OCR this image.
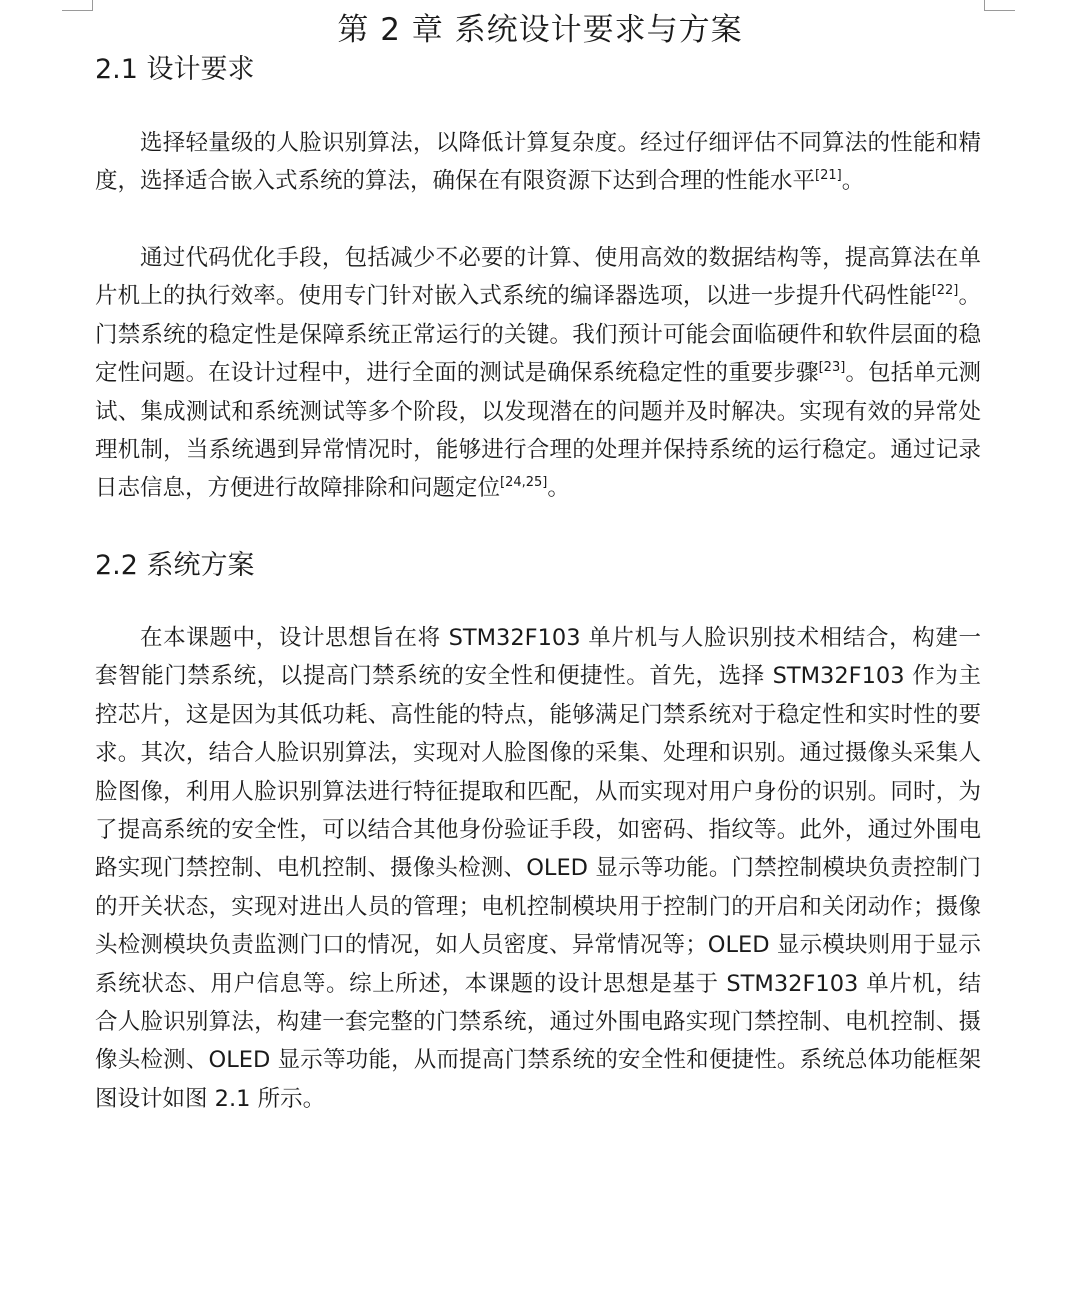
第 2 章 系统设计要求与方案
2.1 设计要求

选择轻量级的人脸识别算法，以降低计算复杂度。经过仔细评估不同算法的性能和精度，选择适合嵌入式系统的算法，确保在有限资源下达到合理的性能水平[21]。

通过代码优化手段，包括减少不必要的计算、使用高效的数据结构等，提高算法在单片机上的执行效率。使用专门针对嵌入式系统的编译器选项，以进一步提升代码性能[22]。门禁系统的稳定性是保障系统正常运行的关键。我们预计可能会面临硬件和软件层面的稳定性问题。在设计过程中，进行全面的测试是确保系统稳定性的重要步骤[23]。包括单元测试、集成测试和系统测试等多个阶段，以发现潜在的问题并及时解决。实现有效的异常处理机制，当系统遇到异常情况时，能够进行合理的处理并保持系统的运行稳定。通过记录日志信息，方便进行故障排除和问题定位[24,25]。

2.2 系统方案

在本课题中，设计思想旨在将 STM32F103 单片机与人脸识别技术相结合，构建一套智能门禁系统，以提高门禁系统的安全性和便捷性。首先，选择 STM32F103 作为主控芯片，这是因为其低功耗、高性能的特点，能够满足门禁系统对于稳定性和实时性的要求。其次，结合人脸识别算法，实现对人脸图像的采集、处理和识别。通过摄像头采集人脸图像，利用人脸识别算法进行特征提取和匹配，从而实现对用户身份的识别。同时，为了提高系统的安全性，可以结合其他身份验证手段，如密码、指纹等。此外，通过外围电路实现门禁控制、电机控制、摄像头检测、OLED 显示等功能。门禁控制模块负责控制门的开关状态，实现对进出人员的管理；电机控制模块用于控制门的开启和关闭动作；摄像头检测模块负责监测门口的情况，如人员密度、异常情况等；OLED 显示模块则用于显示系统状态、用户信息等。综上所述，本课题的设计思想是基于 STM32F103 单片机，结合人脸识别算法，构建一套完整的门禁系统，通过外围电路实现门禁控制、电机控制、摄像头检测、OLED 显示等功能，从而提高门禁系统的安全性和便捷性。系统总体功能框架图设计如图 2.1 所示。
